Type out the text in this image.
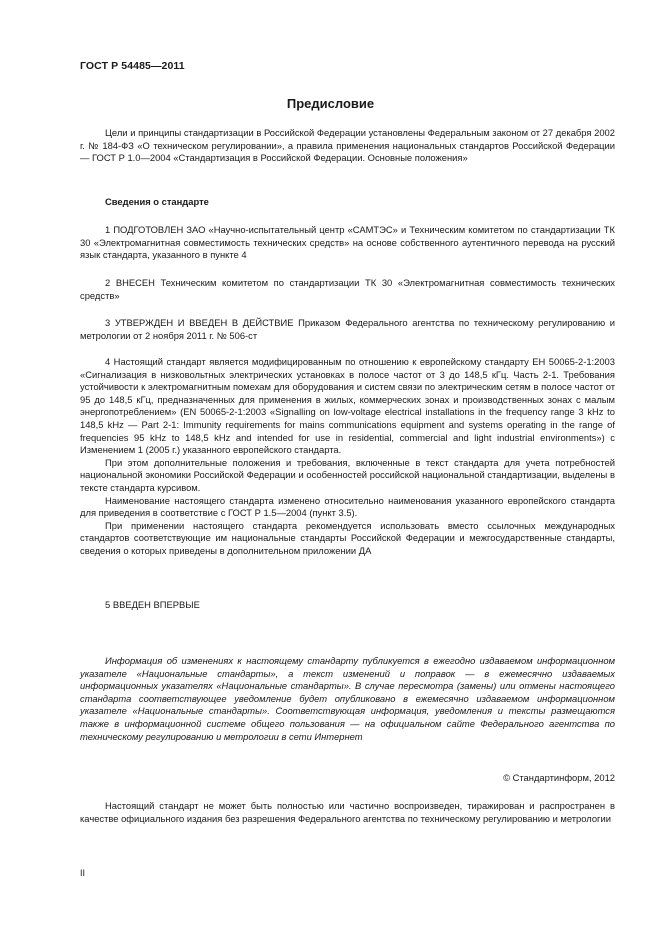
ГОСТ Р 54485—2011
Предисловие

Цели и принципы стандартизации в Российской Федерации установлены Федеральным законом от 27 декабря 2002 г. № 184-ФЗ «О техническом регулировании», а правила применения национальных стандартов Российской Федерации — ГОСТ Р 1.0—2004 «Стандартизация в Российской Федерации. Основные положения»

Сведения о стандарте

1 ПОДГОТОВЛЕН ЗАО «Научно-испытательный центр «САМТЭС» и Техническим комитетом по стандартизации ТК 30 «Электромагнитная совместимость технических средств» на основе собственного аутентичного перевода на русский язык стандарта, указанного в пункте 4

2 ВНЕСЕН Техническим комитетом по стандартизации ТК 30 «Электромагнитная совместимость технических средств»

3 УТВЕРЖДЕН И ВВЕДЕН В ДЕЙСТВИЕ Приказом Федерального агентства по техническому регулированию и метрологии от 2 ноября 2011 г. № 506-ст

4 Настоящий стандарт является модифицированным по отношению к европейскому стандарту ЕН 50065-2-1:2003 «Сигнализация в низковольтных электрических установках в полосе частот от 3 до 148,5 кГц. Часть 2-1. Требования устойчивости к электромагнитным помехам для оборудования и систем связи по электрическим сетям в полосе частот от 95 до 148,5 кГц, предназначенных для применения в жилых, коммерческих зонах и производственных зонах с малым энергопотреблением» (EN 50065-2-1:2003 «Signalling on low-voltage electrical installations in the frequency range 3 kHz to 148,5 kHz — Part 2-1: Immunity requirements for mains communications equipment and systems operating in the range of frequencies 95 kHz to 148,5 kHz and intended for use in residential, commercial and light industrial environments») с Изменением 1 (2005 г.) указанного европейского стандарта.

При этом дополнительные положения и требования, включенные в текст стандарта для учета потребностей национальной экономики Российской Федерации и особенностей российской национальной стандартизации, выделены в тексте стандарта курсивом.

Наименование настоящего стандарта изменено относительно наименования указанного европейского стандарта для приведения в соответствие с ГОСТ Р 1.5—2004 (пункт 3.5).

При применении настоящего стандарта рекомендуется использовать вместо ссылочных международных стандартов соответствующие им национальные стандарты Российской Федерации и межгосударственные стандарты, сведения о которых приведены в дополнительном приложении ДА

5 ВВЕДЕН ВПЕРВЫЕ

Информация об изменениях к настоящему стандарту публикуется в ежегодно издаваемом информационном указателе «Национальные стандарты», а текст изменений и поправок — в ежемесячно издаваемых информационных указателях «Национальные стандарты». В случае пересмотра (замены) или отмены настоящего стандарта соответствующее уведомление будет опубликовано в ежемесячно издаваемом информационном указателе «Национальные стандарты». Соответствующая информация, уведомления и тексты размещаются также в информационной системе общего пользования — на официальном сайте Федерального агентства по техническому регулированию и метрологии в сети Интернет

© Стандартинформ, 2012

Настоящий стандарт не может быть полностью или частично воспроизведен, тиражирован и распространен в качестве официального издания без разрешения Федерального агентства по техническому регулированию и метрологии

II
